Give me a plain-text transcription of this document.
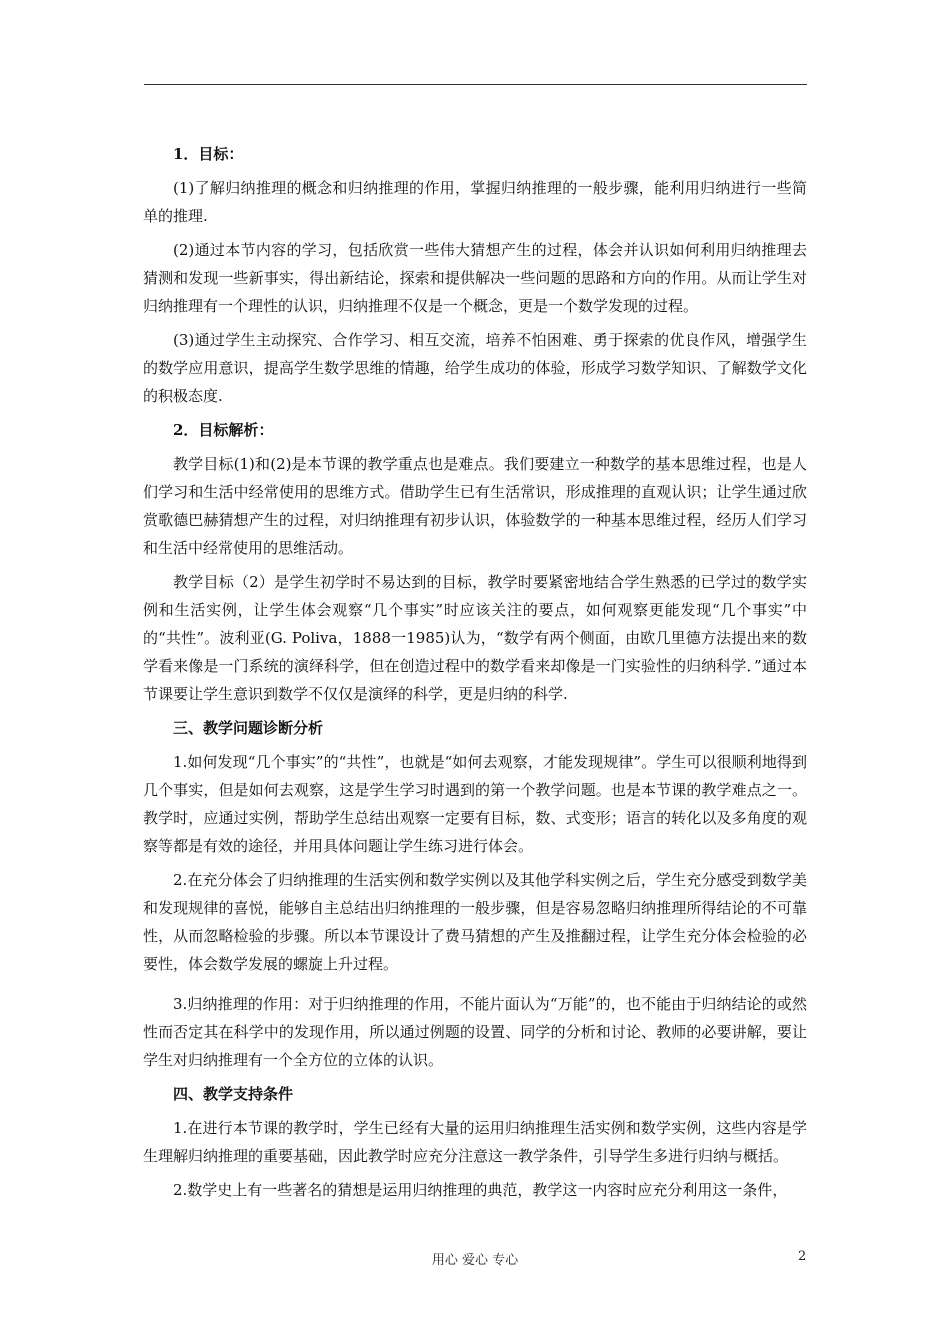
1．目标：

(1)了解归纳推理的概念和归纳推理的作用，掌握归纳推理的一般步骤，能利用归纳进行一些简单的推理.

(2)通过本节内容的学习，包括欣赏一些伟大猜想产生的过程，体会并认识如何利用归纳推理去猜测和发现一些新事实，得出新结论，探索和提供解决一些问题的思路和方向的作用。从而让学生对归纳推理有一个理性的认识，归纳推理不仅是一个概念，更是一个数学发现的过程。

(3)通过学生主动探究、合作学习、相互交流，培养不怕困难、勇于探索的优良作风，增强学生的数学应用意识，提高学生数学思维的情趣，给学生成功的体验，形成学习数学知识、了解数学文化的积极态度.

2．目标解析：

教学目标(1)和(2)是本节课的教学重点也是难点。我们要建立一种数学的基本思维过程，也是人们学习和生活中经常使用的思维方式。借助学生已有生活常识，形成推理的直观认识；让学生通过欣赏歌德巴赫猜想产生的过程，对归纳推理有初步认识，体验数学的一种基本思维过程，经历人们学习和生活中经常使用的思维活动。

教学目标（2）是学生初学时不易达到的目标，教学时要紧密地结合学生熟悉的已学过的数学实例和生活实例，让学生体会观察“几个事实”时应该关注的要点，如何观察更能发现“几个事实”中的“共性”。波利亚(G. Poliva，1888一1985)认为，“数学有两个侧面，由欧几里德方法提出来的数学看来像是一门系统的演绎科学，但在创造过程中的数学看来却像是一门实验性的归纳科学．”通过本节课要让学生意识到数学不仅仅是演绎的科学，更是归纳的科学.

三、教学问题诊断分析

1.如何发现“几个事实”的“共性”，也就是“如何去观察，才能发现规律”。学生可以很顺利地得到几个事实，但是如何去观察，这是学生学习时遇到的第一个教学问题。也是本节课的教学难点之一。教学时，应通过实例，帮助学生总结出观察一定要有目标，数、式变形；语言的转化以及多角度的观察等都是有效的途径，并用具体问题让学生练习进行体会。

2.在充分体会了归纳推理的生活实例和数学实例以及其他学科实例之后，学生充分感受到数学美和发现规律的喜悦，能够自主总结出归纳推理的一般步骤，但是容易忽略归纳推理所得结论的不可靠性，从而忽略检验的步骤。所以本节课设计了费马猜想的产生及推翻过程，让学生充分体会检验的必要性，体会数学发展的螺旋上升过程。

3.归纳推理的作用：对于归纳推理的作用，不能片面认为“万能”的，也不能由于归纳结论的或然性而否定其在科学中的发现作用，所以通过例题的设置、同学的分析和讨论、教师的必要讲解，要让学生对归纳推理有一个全方位的立体的认识。

四、教学支持条件

1.在进行本节课的教学时，学生已经有大量的运用归纳推理生活实例和数学实例，这些内容是学生理解归纳推理的重要基础，因此教学时应充分注意这一教学条件，引导学生多进行归纳与概括。

2.数学史上有一些著名的猜想是运用归纳推理的典范，教学这一内容时应充分利用这一条件，

用心 爱心 专心	2
